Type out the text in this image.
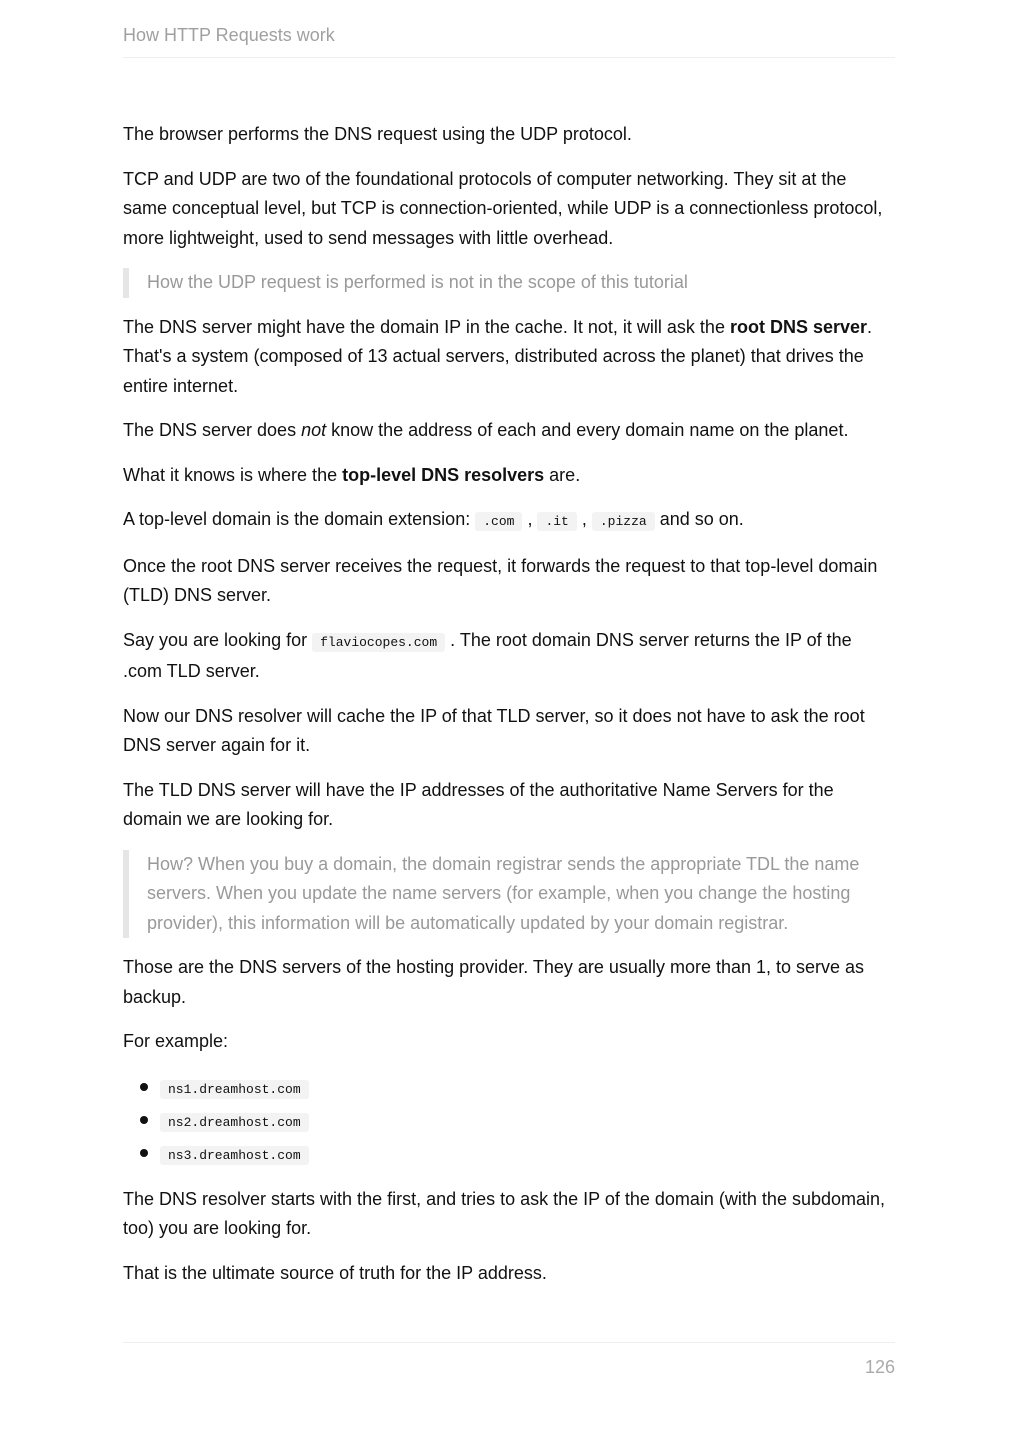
How HTTP Requests work

The browser performs the DNS request using the UDP protocol.

TCP and UDP are two of the foundational protocols of computer networking. They sit at the same conceptual level, but TCP is connection-oriented, while UDP is a connectionless protocol, more lightweight, used to send messages with little overhead.

How the UDP request is performed is not in the scope of this tutorial

The DNS server might have the domain IP in the cache. It not, it will ask the root DNS server. That's a system (composed of 13 actual servers, distributed across the planet) that drives the entire internet.

The DNS server does not know the address of each and every domain name on the planet.

What it knows is where the top-level DNS resolvers are.

A top-level domain is the domain extension: .com , .it , .pizza and so on.

Once the root DNS server receives the request, it forwards the request to that top-level domain (TLD) DNS server.

Say you are looking for flaviocopes.com . The root domain DNS server returns the IP of the .com TLD server.

Now our DNS resolver will cache the IP of that TLD server, so it does not have to ask the root DNS server again for it.

The TLD DNS server will have the IP addresses of the authoritative Name Servers for the domain we are looking for.

How? When you buy a domain, the domain registrar sends the appropriate TDL the name servers. When you update the name servers (for example, when you change the hosting provider), this information will be automatically updated by your domain registrar.

Those are the DNS servers of the hosting provider. They are usually more than 1, to serve as backup.

For example:

ns1.dreamhost.com
ns2.dreamhost.com
ns3.dreamhost.com

The DNS resolver starts with the first, and tries to ask the IP of the domain (with the subdomain, too) you are looking for.

That is the ultimate source of truth for the IP address.

126
